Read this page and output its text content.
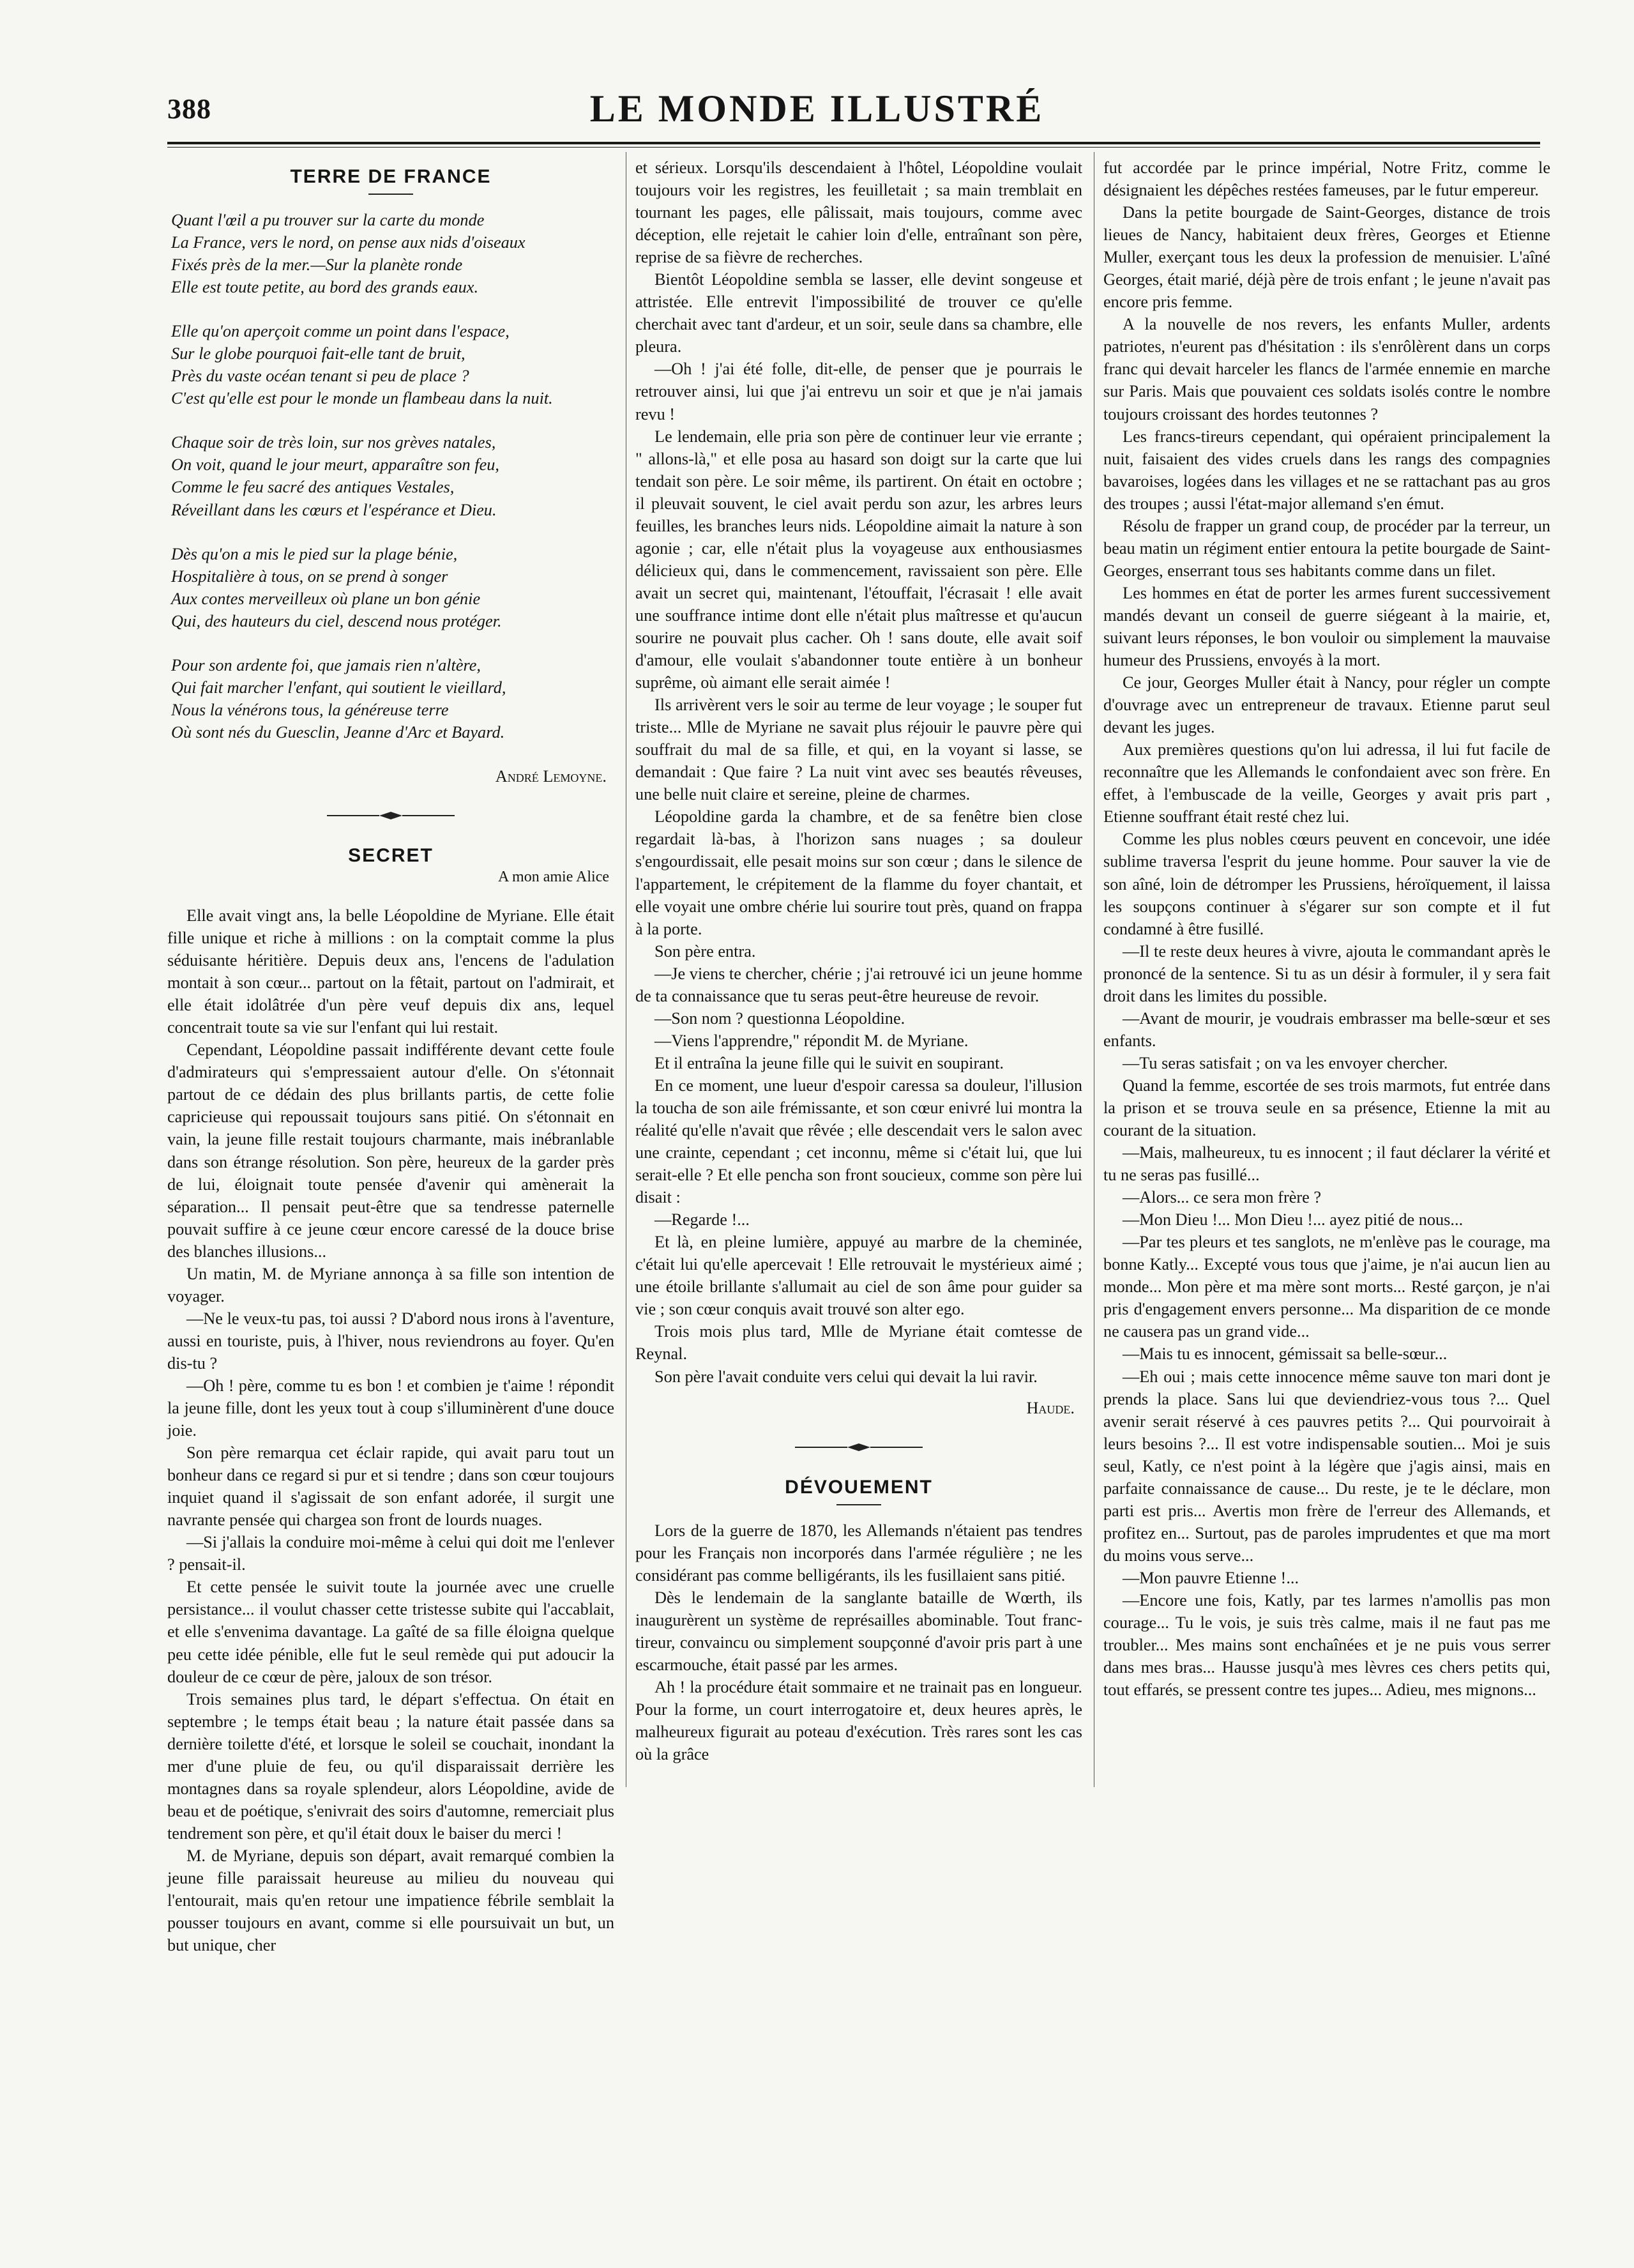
388	LE MONDE ILLUSTRÉ
TERRE DE FRANCE
Quant l'œil a pu trouver sur la carte du monde
La France, vers le nord, on pense aux nids d'oiseaux
Fixés près de la mer.—Sur la planète ronde
Elle est toute petite, au bord des grands eaux.
Elle qu'on aperçoit comme un point dans l'espace,
Sur le globe pourquoi fait-elle tant de bruit,
Près du vaste océan tenant si peu de place ?
C'est qu'elle est pour le monde un flambeau dans la nuit.
Chaque soir de très loin, sur nos grèves natales,
On voit, quand le jour meurt, apparaître son feu,
Comme le feu sacré des antiques Vestales,
Réveillant dans les cœurs et l'espérance et Dieu.
Dès qu'on a mis le pied sur la plage bénie,
Hospitalière à tous, on se prend à songer
Aux contes merveilleux où plane un bon génie
Qui, des hauteurs du ciel, descend nous protéger.
Pour son ardente foi, que jamais rien n'altère,
Qui fait marcher l'enfant, qui soutient le vieillard,
Nous la vénérons tous, la généreuse terre
Où sont nés du Guesclin, Jeanne d'Arc et Bayard.
André Lemoyne.
SECRET
A mon amie Alice

Elle avait vingt ans, la belle Léopoldine de Myriane. Elle était fille unique et riche à millions : on la comptait comme la plus séduisante héritière. Depuis deux ans, l'encens de l'adulation montait à son cœur... partout on la fêtait, partout on l'admirait, et elle était idolâtrée d'un père veuf depuis dix ans, lequel concentrait toute sa vie sur l'enfant qui lui restait.

Cependant, Léopoldine passait indifférente devant cette foule d'admirateurs qui s'empressaient autour d'elle. On s'étonnait partout de ce dédain des plus brillants partis, de cette folie capricieuse qui repoussait toujours sans pitié. On s'étonnait en vain, la jeune fille restait toujours charmante, mais inébranlable dans son étrange résolution. Son père, heureux de la garder près de lui, éloignait toute pensée d'avenir qui amènerait la séparation... Il pensait peut-être que sa tendresse paternelle pouvait suffire à ce jeune cœur encore caressé de la douce brise des blanches illusions...

Un matin, M. de Myriane annonça à sa fille son intention de voyager.

—Ne le veux-tu pas, toi aussi ? D'abord nous irons à l'aventure, aussi en touriste, puis, à l'hiver, nous reviendrons au foyer. Qu'en dis-tu ?

—Oh ! père, comme tu es bon ! et combien je t'aime ! répondit la jeune fille, dont les yeux tout à coup s'illuminèrent d'une douce joie.

Son père remarqua cet éclair rapide, qui avait paru tout un bonheur dans ce regard si pur et si tendre ; dans son cœur toujours inquiet quand il s'agissait de son enfant adorée, il surgit une navrante pensée qui chargea son front de lourds nuages.

—Si j'allais la conduire moi-même à celui qui doit me l'enlever ? pensait-il.

Et cette pensée le suivit toute la journée avec une cruelle persistance... il voulut chasser cette tristesse subite qui l'accablait, et elle s'envenima davantage. La gaîté de sa fille éloigna quelque peu cette idée pénible, elle fut le seul remède qui put adoucir la douleur de ce cœur de père, jaloux de son trésor.

Trois semaines plus tard, le départ s'effectua. On était en septembre ; le temps était beau ; la nature était passée dans sa dernière toilette d'été, et lorsque le soleil se couchait, inondant la mer d'une pluie de feu, ou qu'il disparaissait derrière les montagnes dans sa royale splendeur, alors Léopoldine, avide de beau et de poétique, s'enivrait des soirs d'automne, remerciait plus tendrement son père, et qu'il était doux le baiser du merci !

M. de Myriane, depuis son départ, avait remarqué combien la jeune fille paraissait heureuse au milieu du nouveau qui l'entourait, mais qu'en retour une impatience fébrile semblait la pousser toujours en avant, comme si elle poursuivait un but, un but unique, cher

et sérieux. Lorsqu'ils descendaient à l'hôtel, Léopoldine voulait toujours voir les registres, les feuilletait ; sa main tremblait en tournant les pages, elle pâlissait, mais toujours, comme avec déception, elle rejetait le cahier loin d'elle, entraînant son père, reprise de sa fièvre de recherches.

Bientôt Léopoldine sembla se lasser, elle devint songeuse et attristée. Elle entrevit l'impossibilité de trouver ce qu'elle cherchait avec tant d'ardeur, et un soir, seule dans sa chambre, elle pleura.

—Oh ! j'ai été folle, dit-elle, de penser que je pourrais le retrouver ainsi, lui que j'ai entrevu un soir et que je n'ai jamais revu !

Le lendemain, elle pria son père de continuer leur vie errante ; " allons-là," et elle posa au hasard son doigt sur la carte que lui tendait son père. Le soir même, ils partirent. On était en octobre ; il pleuvait souvent, le ciel avait perdu son azur, les arbres leurs feuilles, les branches leurs nids. Léopoldine aimait la nature à son agonie ; car, elle n'était plus la voyageuse aux enthousiasmes délicieux qui, dans le commencement, ravissaient son père. Elle avait un secret qui, maintenant, l'étouffait, l'écrasait ! elle avait une souffrance intime dont elle n'était plus maîtresse et qu'aucun sourire ne pouvait plus cacher. Oh ! sans doute, elle avait soif d'amour, elle voulait s'abandonner toute entière à un bonheur suprême, où aimant elle serait aimée !

Ils arrivèrent vers le soir au terme de leur voyage ; le souper fut triste... Mlle de Myriane ne savait plus réjouir le pauvre père qui souffrait du mal de sa fille, et qui, en la voyant si lasse, se demandait : Que faire ? La nuit vint avec ses beautés rêveuses, une belle nuit claire et sereine, pleine de charmes.

Léopoldine garda la chambre, et de sa fenêtre bien close regardait là-bas, à l'horizon sans nuages ; sa douleur s'engourdissait, elle pesait moins sur son cœur ; dans le silence de l'appartement, le crépitement de la flamme du foyer chantait, et elle voyait une ombre chérie lui sourire tout près, quand on frappa à la porte.

Son père entra.

—Je viens te chercher, chérie ; j'ai retrouvé ici un jeune homme de ta connaissance que tu seras peut-être heureuse de revoir.

—Son nom ? questionna Léopoldine.

—Viens l'apprendre," répondit M. de Myriane.

Et il entraîna la jeune fille qui le suivit en soupirant.

En ce moment, une lueur d'espoir caressa sa douleur, l'illusion la toucha de son aile frémissante, et son cœur enivré lui montra la réalité qu'elle n'avait que rêvée ; elle descendait vers le salon avec une crainte, cependant ; cet inconnu, même si c'était lui, que lui serait-elle ? Et elle pencha son front soucieux, comme son père lui disait :

—Regarde !...

Et là, en pleine lumière, appuyé au marbre de la cheminée, c'était lui qu'elle apercevait ! Elle retrouvait le mystérieux aimé ; une étoile brillante s'allumait au ciel de son âme pour guider sa vie ; son cœur conquis avait trouvé son alter ego.

Trois mois plus tard, Mlle de Myriane était comtesse de Reynal.

Son père l'avait conduite vers celui qui devait la lui ravir.

Haude.
DÉVOUEMENT

Lors de la guerre de 1870, les Allemands n'étaient pas tendres pour les Français non incorporés dans l'armée régulière ; ne les considérant pas comme belligérants, ils les fusillaient sans pitié.

Dès le lendemain de la sanglante bataille de Wœrth, ils inaugurèrent un système de représailles abominable. Tout franc-tireur, convaincu ou simplement soupçonné d'avoir pris part à une escarmouche, était passé par les armes.

Ah ! la procédure était sommaire et ne trainait pas en longueur. Pour la forme, un court interrogatoire et, deux heures après, le malheureux figurait au poteau d'exécution. Très rares sont les cas où la grâce

fut accordée par le prince impérial, Notre Fritz, comme le désignaient les dépêches restées fameuses, par le futur empereur.

Dans la petite bourgade de Saint-Georges, distance de trois lieues de Nancy, habitaient deux frères, Georges et Etienne Muller, exerçant tous les deux la profession de menuisier. L'aîné Georges, était marié, déjà père de trois enfant ; le jeune n'avait pas encore pris femme.

A la nouvelle de nos revers, les enfants Muller, ardents patriotes, n'eurent pas d'hésitation : ils s'enrôlèrent dans un corps franc qui devait harceler les flancs de l'armée ennemie en marche sur Paris. Mais que pouvaient ces soldats isolés contre le nombre toujours croissant des hordes teutonnes ?

Les francs-tireurs cependant, qui opéraient principalement la nuit, faisaient des vides cruels dans les rangs des compagnies bavaroises, logées dans les villages et ne se rattachant pas au gros des troupes ; aussi l'état-major allemand s'en émut.

Résolu de frapper un grand coup, de procéder par la terreur, un beau matin un régiment entier entoura la petite bourgade de Saint-Georges, enserrant tous ses habitants comme dans un filet.

Les hommes en état de porter les armes furent successivement mandés devant un conseil de guerre siégeant à la mairie, et, suivant leurs réponses, le bon vouloir ou simplement la mauvaise humeur des Prussiens, envoyés à la mort.

Ce jour, Georges Muller était à Nancy, pour régler un compte d'ouvrage avec un entrepreneur de travaux. Etienne parut seul devant les juges.

Aux premières questions qu'on lui adressa, il lui fut facile de reconnaître que les Allemands le confondaient avec son frère. En effet, à l'embuscade de la veille, Georges y avait pris part , Etienne souffrant était resté chez lui.

Comme les plus nobles cœurs peuvent en concevoir, une idée sublime traversa l'esprit du jeune homme. Pour sauver la vie de son aîné, loin de détromper les Prussiens, héroïquement, il laissa les soupçons continuer à s'égarer sur son compte et il fut condamné à être fusillé.

—Il te reste deux heures à vivre, ajouta le commandant après le prononcé de la sentence. Si tu as un désir à formuler, il y sera fait droit dans les limites du possible.

—Avant de mourir, je voudrais embrasser ma belle-sœur et ses enfants.

—Tu seras satisfait ; on va les envoyer chercher.

Quand la femme, escortée de ses trois marmots, fut entrée dans la prison et se trouva seule en sa présence, Etienne la mit au courant de la situation.

—Mais, malheureux, tu es innocent ; il faut déclarer la vérité et tu ne seras pas fusillé...

—Alors... ce sera mon frère ?

—Mon Dieu !... Mon Dieu !... ayez pitié de nous...

—Par tes pleurs et tes sanglots, ne m'enlève pas le courage, ma bonne Katly... Excepté vous tous que j'aime, je n'ai aucun lien au monde... Mon père et ma mère sont morts... Resté garçon, je n'ai pris d'engagement envers personne... Ma disparition de ce monde ne causera pas un grand vide...

—Mais tu es innocent, gémissait sa belle-sœur...

—Eh oui ; mais cette innocence même sauve ton mari dont je prends la place. Sans lui que deviendriez-vous tous ?... Quel avenir serait réservé à ces pauvres petits ?... Qui pourvoirait à leurs besoins ?... Il est votre indispensable soutien... Moi je suis seul, Katly, ce n'est point à la légère que j'agis ainsi, mais en parfaite connaissance de cause... Du reste, je te le déclare, mon parti est pris... Avertis mon frère de l'erreur des Allemands, et profitez en... Surtout, pas de paroles imprudentes et que ma mort du moins vous serve...

—Mon pauvre Etienne !...

—Encore une fois, Katly, par tes larmes n'amollis pas mon courage... Tu le vois, je suis très calme, mais il ne faut pas me troubler... Mes mains sont enchaînées et je ne puis vous serrer dans mes bras... Hausse jusqu'à mes lèvres ces chers petits qui, tout effarés, se pressent contre tes jupes... Adieu, mes mignons...
